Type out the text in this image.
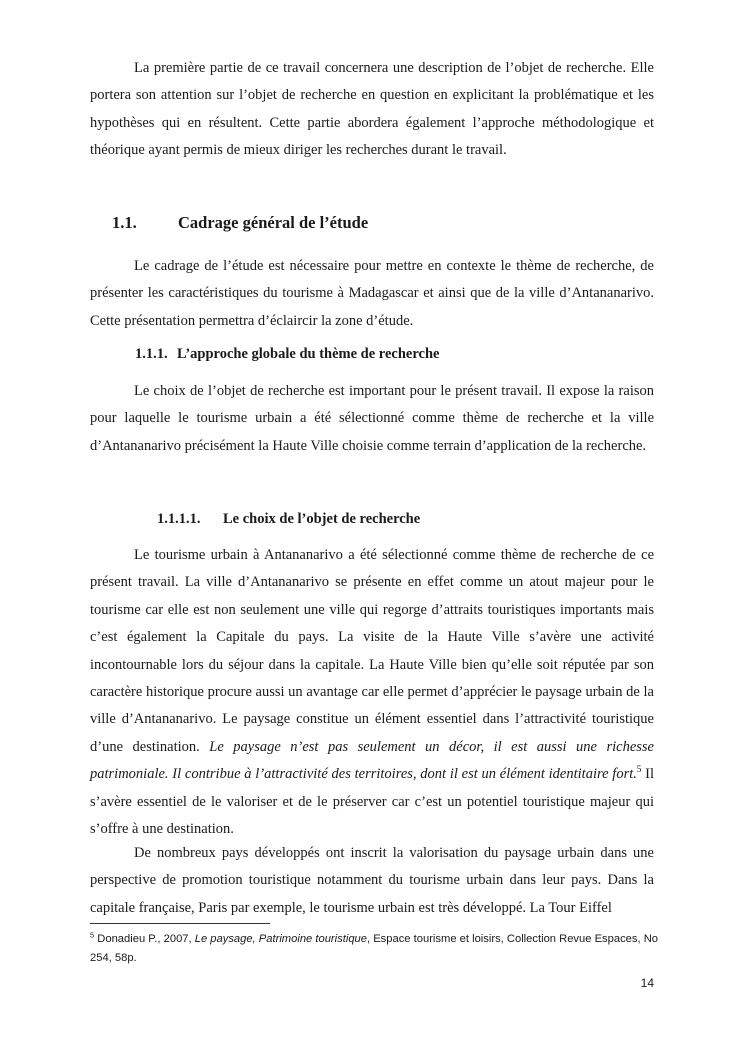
La première partie de ce travail concernera une description de l’objet de recherche. Elle portera son attention sur l’objet de recherche en question en explicitant la problématique et les hypothèses qui en résultent. Cette partie abordera également l’approche méthodologique et théorique ayant permis de mieux diriger les recherches durant le travail.

1.1.	Cadrage général de l’étude

Le cadrage de l’étude est nécessaire pour mettre en contexte le thème de recherche, de présenter les caractéristiques du tourisme à Madagascar et ainsi que de la ville d’Antananarivo. Cette présentation permettra d’éclaircir la zone d’étude.

1.1.1. L’approche globale du thème de recherche

Le choix de l’objet de recherche est important pour le présent travail. Il expose la raison pour laquelle le tourisme urbain a été sélectionné comme thème de recherche et la ville d’Antananarivo précisément la Haute Ville choisie comme terrain d’application de la recherche.

1.1.1.1. Le choix de l’objet de recherche

Le tourisme urbain à Antananarivo a été sélectionné comme thème de recherche de ce présent travail. La ville d’Antananarivo se présente en effet comme un atout majeur pour le tourisme car elle est non seulement une ville qui regorge d’attraits touristiques importants mais c’est également la Capitale du pays. La visite de la Haute Ville s’avère une activité incontournable lors du séjour dans la capitale. La Haute Ville bien qu’elle soit réputée par son caractère historique procure aussi un avantage car elle permet d’apprécier le paysage urbain de la ville d’Antananarivo. Le paysage constitue un élément essentiel dans l’attractivité touristique d’une destination. Le paysage n’est pas seulement un décor, il est aussi une richesse patrimoniale. Il contribue à l’attractivité des territoires, dont il est un élément identitaire fort.$^5$ Il s’avère essentiel de le valoriser et de le préserver car c’est un potentiel touristique majeur qui s’offre à une destination.

De nombreux pays développés ont inscrit la valorisation du paysage urbain dans une perspective de promotion touristique notamment du tourisme urbain dans leur pays. Dans la capitale française, Paris par exemple, le tourisme urbain est très développé. La Tour Eiffel

$^5$ Donadieu P., 2007, Le paysage, Patrimoine touristique, Espace tourisme et loisirs, Collection Revue Espaces, No 254, 58p.

14
